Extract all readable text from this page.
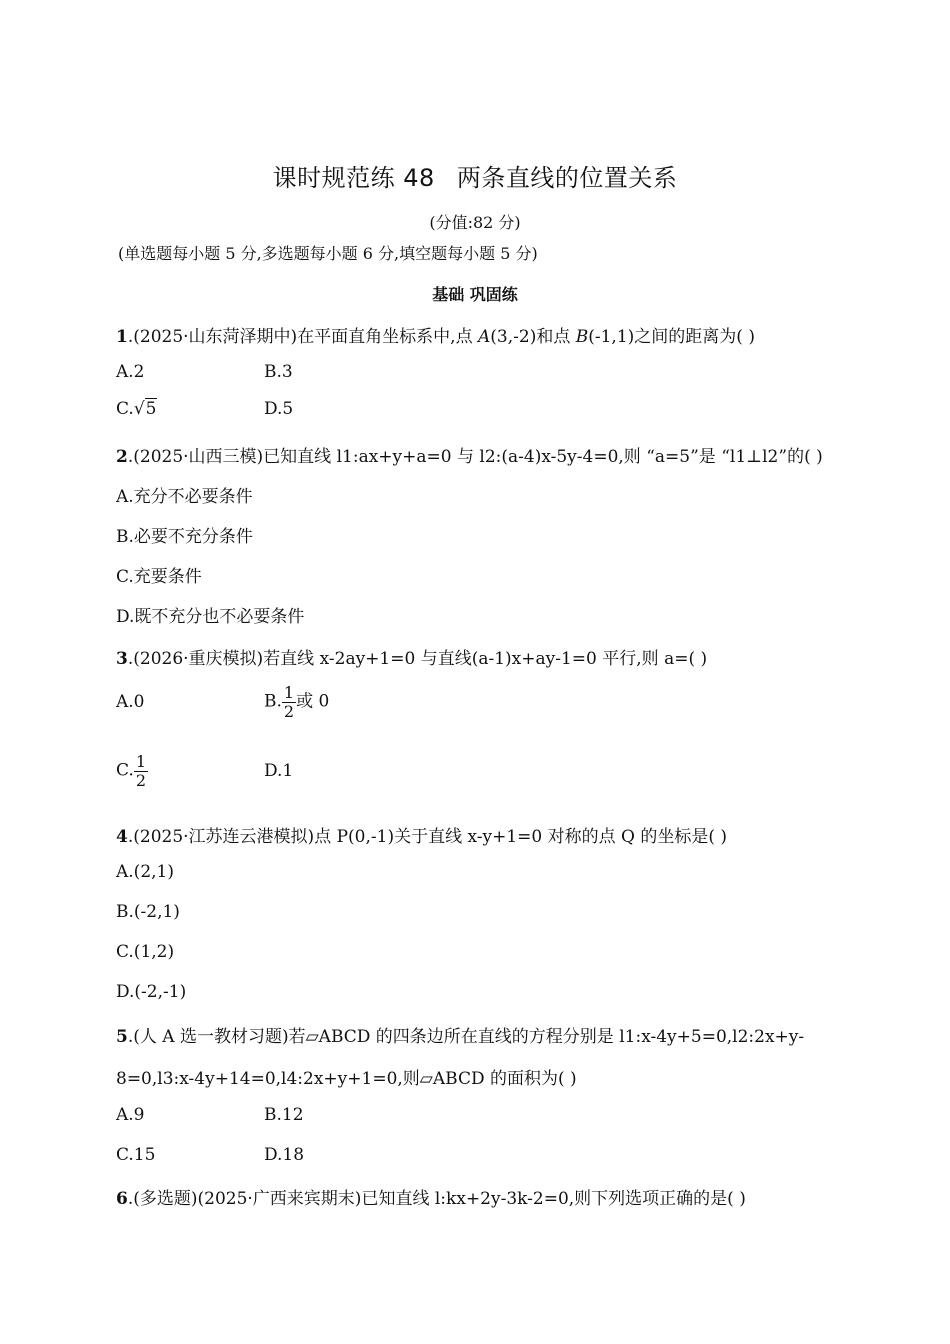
课时规范练 48 两条直线的位置关系
(分值:82 分)
(单选题每小题 5 分,多选题每小题 6 分,填空题每小题 5 分)
基础 巩固练
1.(2025·山东菏泽期中)在平面直角坐标系中,点 A(3,-2)和点 B(-1,1)之间的距离为( )
A.2	B.3
C.√5	D.5
2.(2025·山西三模)已知直线 l1:ax+y+a=0 与 l2:(a-4)x-5y-4=0,则 “a=5”是 “l1⊥l2”的( )
A.充分不必要条件
B.必要不充分条件
C.充要条件
D.既不充分也不必要条件
3.(2026·重庆模拟)若直线 x-2ay+1=0 与直线(a-1)x+ay-1=0 平行,则 a=( )
A.0	B. $\frac{1}{2}$ 或 0
C. $\frac{1}{2}$	D.1
4.(2025·江苏连云港模拟)点 P(0,-1)关于直线 x-y+1=0 对称的点 Q 的坐标是( )
A.(2,1)
B.(-2,1)
C.(1,2)
D.(-2,-1)
5.(人 A 选一教材习题)若▱ABCD 的四条边所在直线的方程分别是 l1:x-4y+5=0,l2:2x+y-
8=0,l3:x-4y+14=0,l4:2x+y+1=0,则▱ABCD 的面积为( )
A.9	B.12
C.15	D.18
6.(多选题)(2025·广西来宾期末)已知直线 l:kx+2y-3k-2=0,则下列选项正确的是( )
